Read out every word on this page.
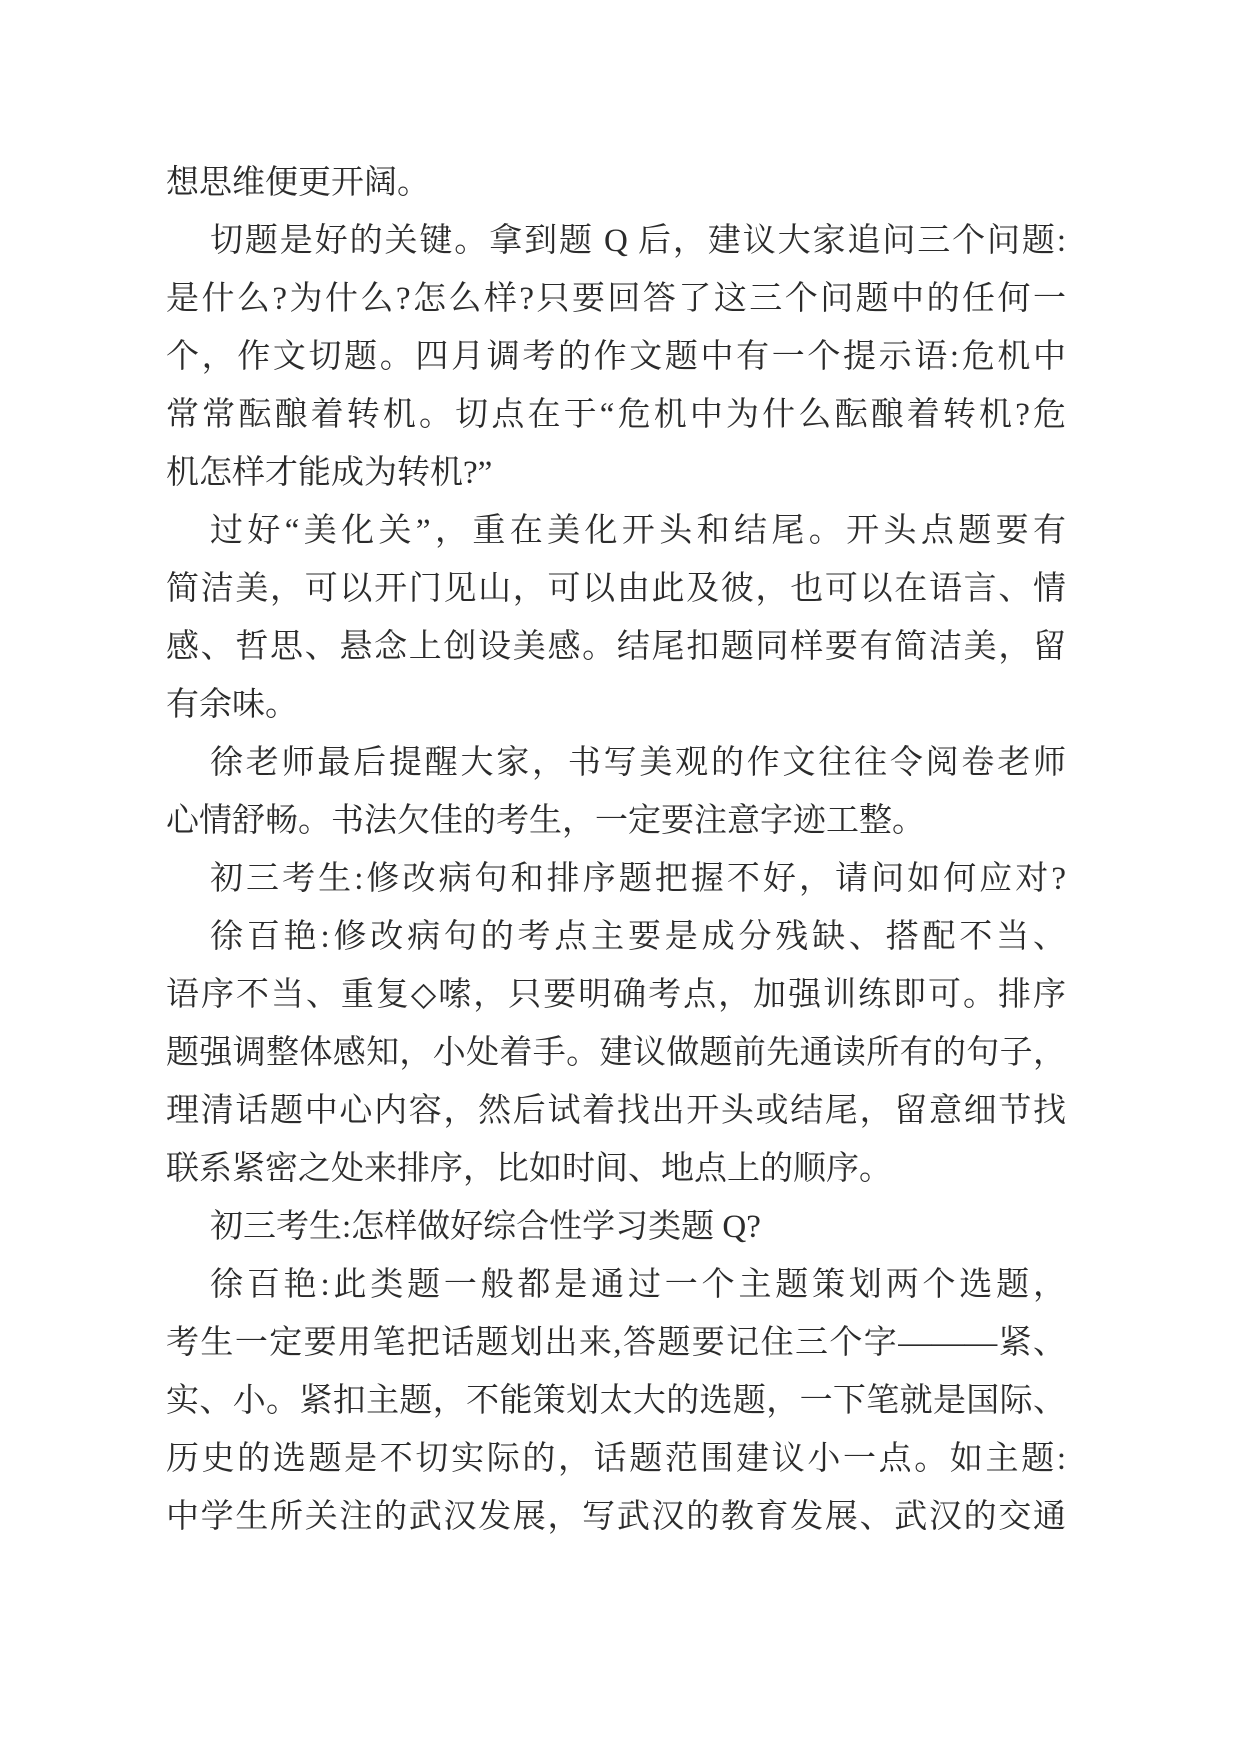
想思维便更开阔。
切题是好的关键。拿到题 Q 后，建议大家追问三个问题:
是什么?为什么?怎么样?只要回答了这三个问题中的任何一
个，作文切题。四月调考的作文题中有一个提示语:危机中
常常酝酿着转机。切点在于“危机中为什么酝酿着转机?危
机怎样才能成为转机?”
过好“美化关”，重在美化开头和结尾。开头点题要有
简洁美，可以开门见山，可以由此及彼，也可以在语言、情
感、哲思、悬念上创设美感。结尾扣题同样要有简洁美，留
有余味。
徐老师最后提醒大家，书写美观的作文往往令阅卷老师
心情舒畅。书法欠佳的考生，一定要注意字迹工整。
初三考生:修改病句和排序题把握不好，请问如何应对?
徐百艳:修改病句的考点主要是成分残缺、搭配不当、
语序不当、重复◇嗦，只要明确考点，加强训练即可。排序
题强调整体感知，小处着手。建议做题前先通读所有的句子，
理清话题中心内容，然后试着找出开头或结尾，留意细节找
联系紧密之处来排序，比如时间、地点上的顺序。
初三考生:怎样做好综合性学习类题 Q?
徐百艳:此类题一般都是通过一个主题策划两个选题，
考生一定要用笔把话题划出来,答题要记住三个字———紧、
实、小。紧扣主题，不能策划太大的选题，一下笔就是国际、
历史的选题是不切实际的，话题范围建议小一点。如主题:
中学生所关注的武汉发展，写武汉的教育发展、武汉的交通
